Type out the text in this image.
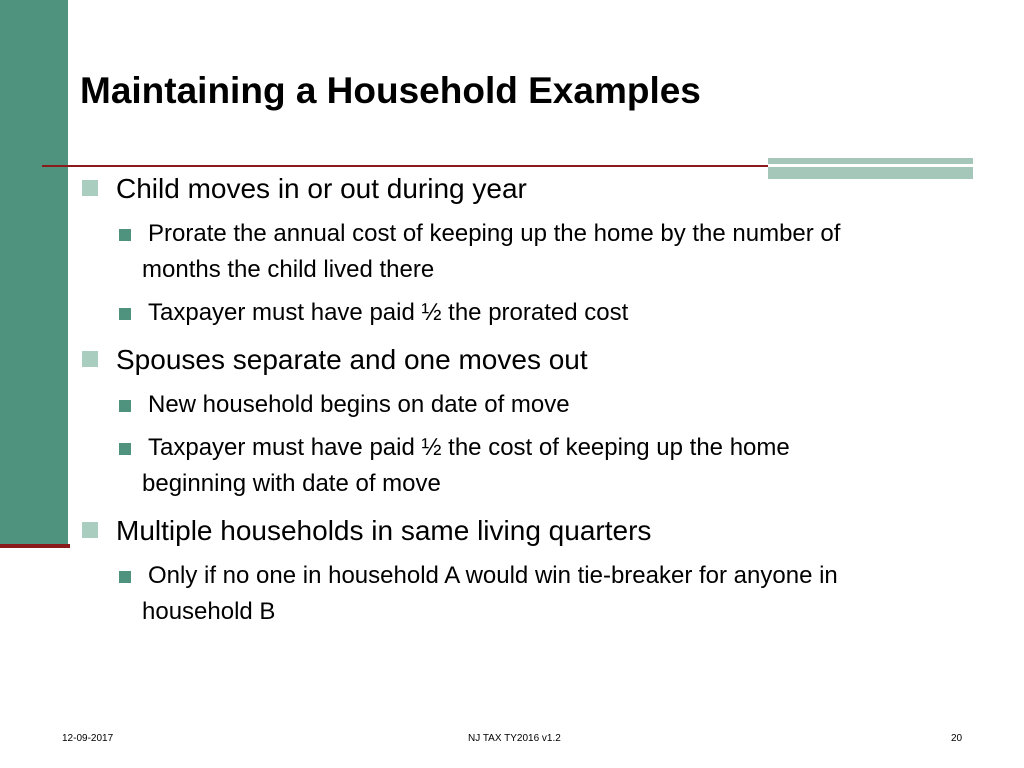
Maintaining a Household Examples
Child moves in or out during year
Prorate the annual cost of keeping up the home by the number of
months the child lived there
Taxpayer must have paid ½ the prorated cost
Spouses separate and one moves out
New household begins on date of move
Taxpayer must have paid ½ the cost of keeping up the home
beginning with date of move
Multiple households in same living quarters
Only if no one in household A would win tie-breaker for anyone in
household B
12-09-2017	NJ TAX TY2016 v1.2	20
